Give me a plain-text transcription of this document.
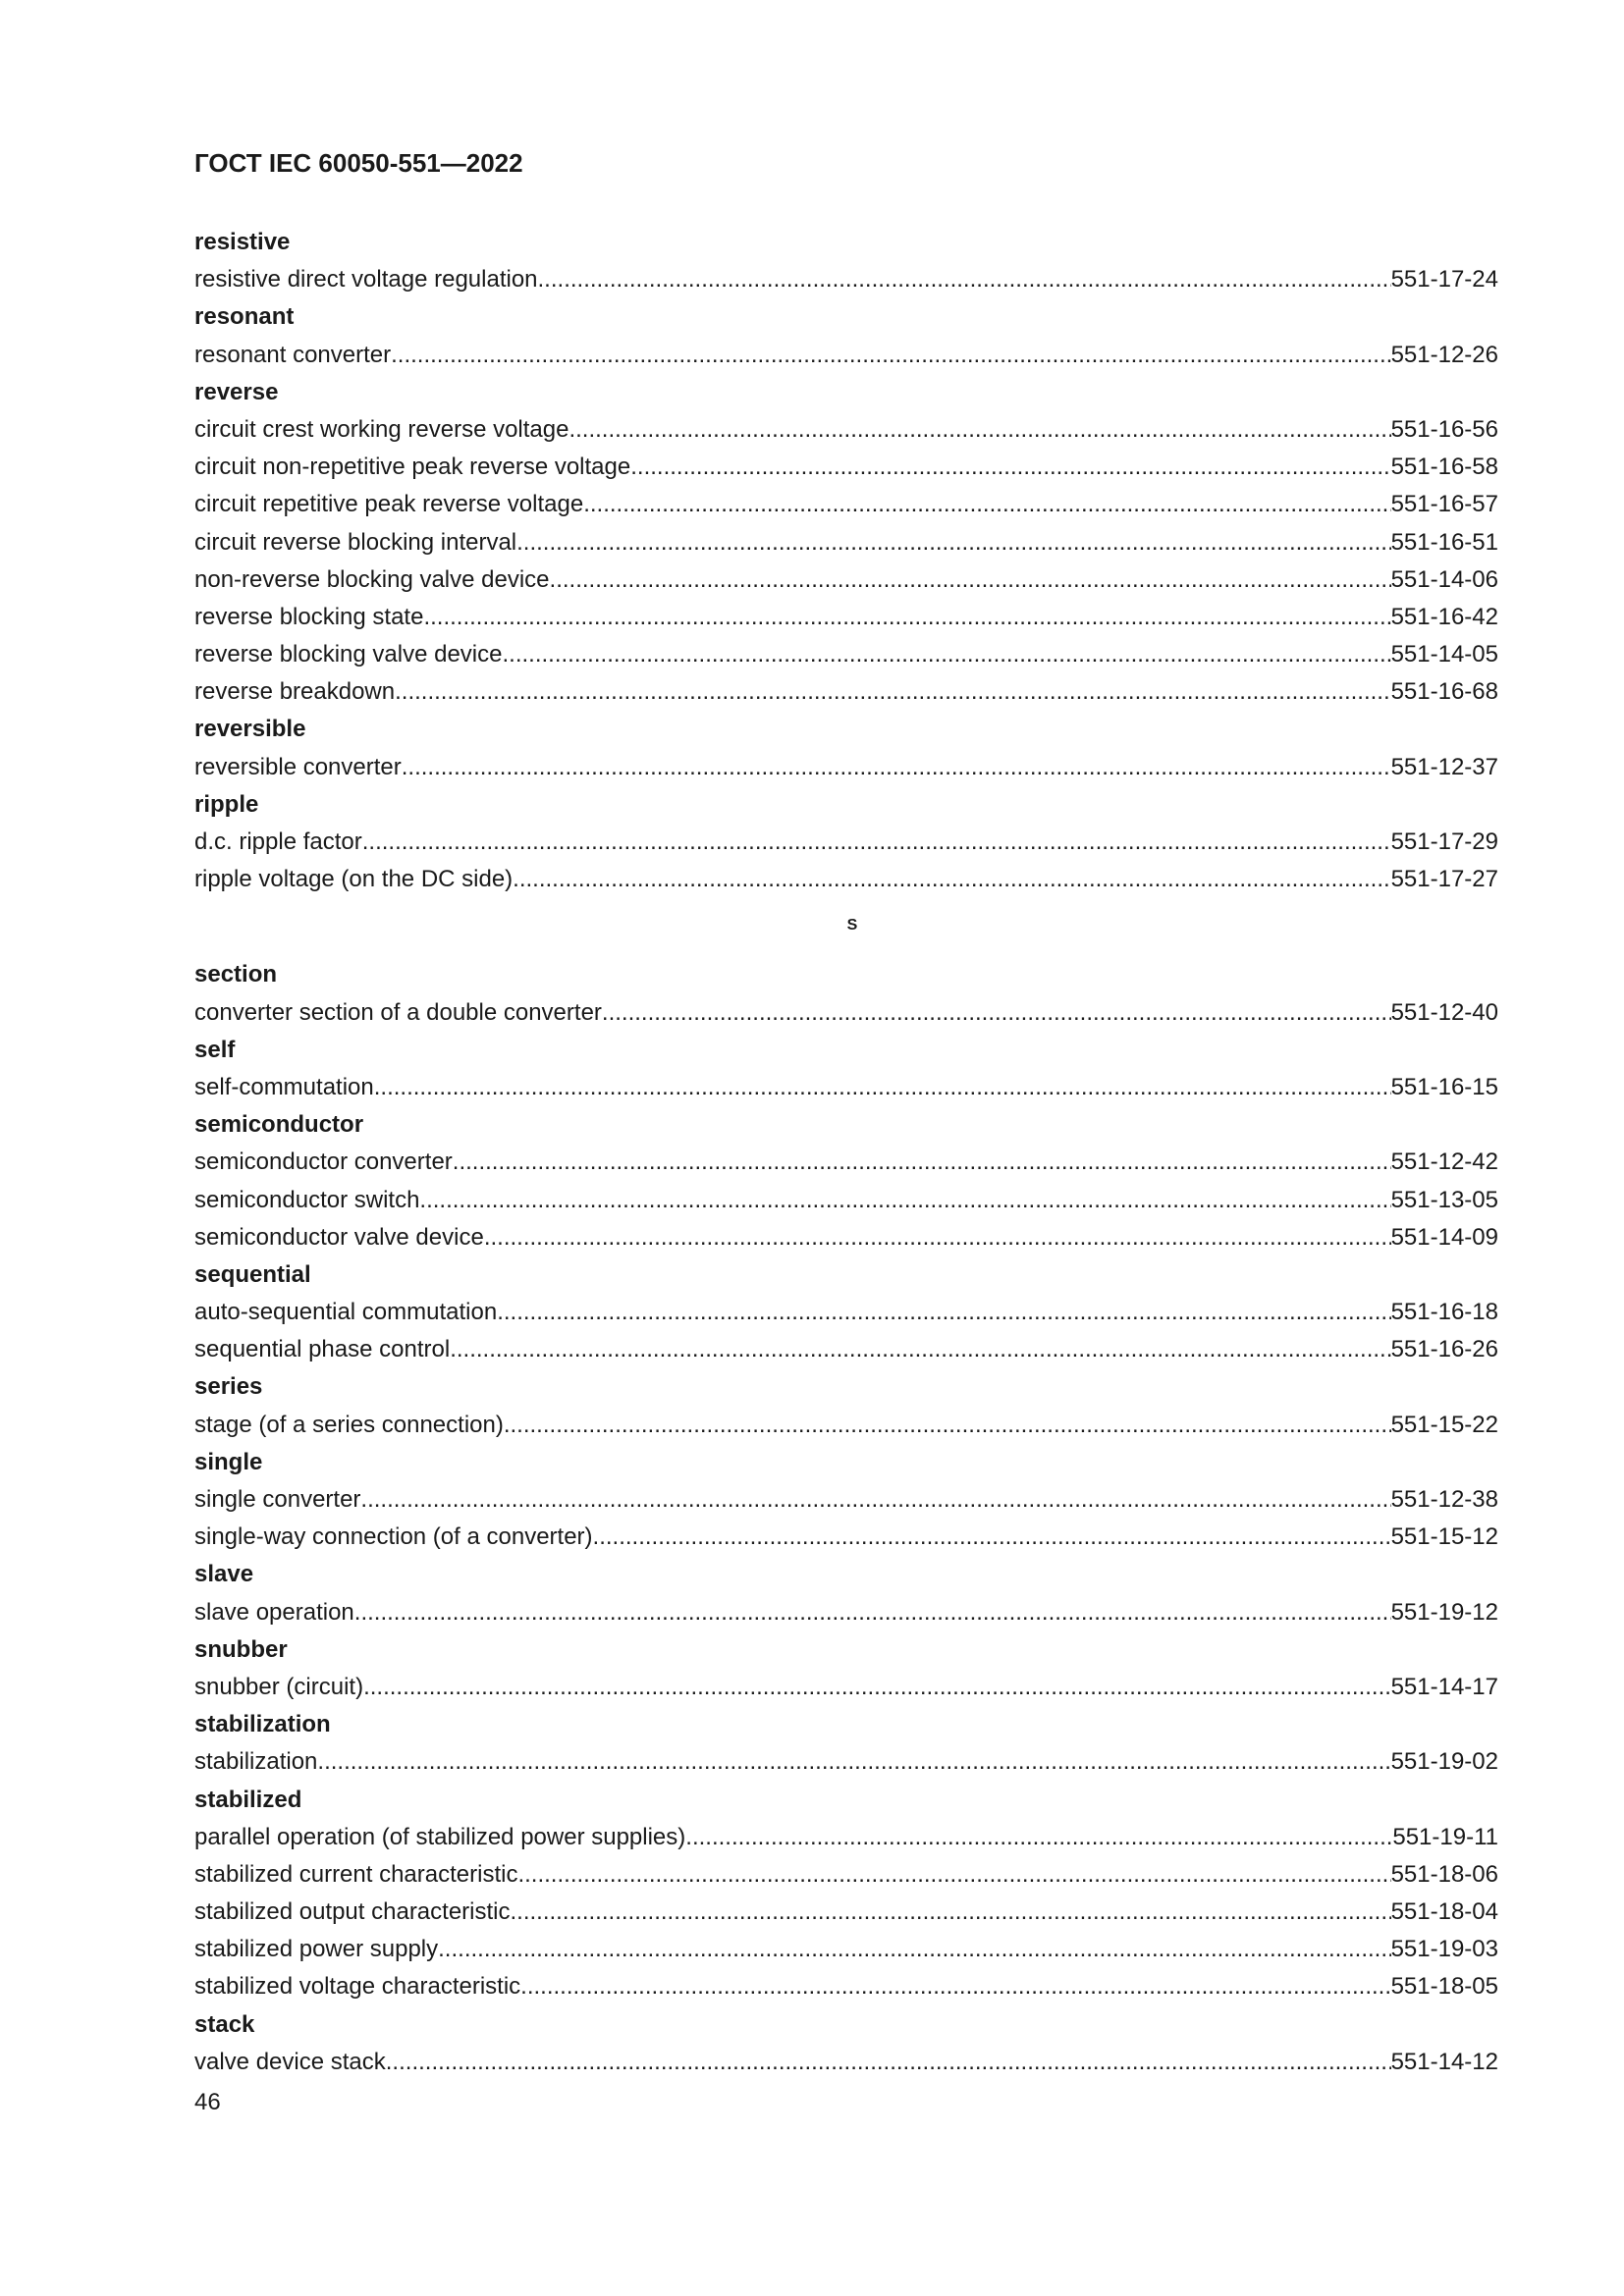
ГОСТ IEC 60050-551—2022
resistive
resistive direct voltage regulation .....	551-17-24
resonant
resonant converter .....	551-12-26
reverse
circuit crest working reverse voltage .....	551-16-56
circuit non-repetitive peak reverse voltage .....	551-16-58
circuit repetitive peak reverse voltage .....	551-16-57
circuit reverse blocking interval .....	551-16-51
non-reverse blocking valve device .....	551-14-06
reverse blocking state .....	551-16-42
reverse blocking valve device .....	551-14-05
reverse breakdown .....	551-16-68
reversible
reversible converter .....	551-12-37
ripple
d.c. ripple factor .....	551-17-29
ripple voltage (on the DC side) .....	551-17-27
S
section
converter section of a double converter .....	551-12-40
self
self-commutation .....	551-16-15
semiconductor
semiconductor converter .....	551-12-42
semiconductor switch .....	551-13-05
semiconductor valve device .....	551-14-09
sequential
auto-sequential commutation .....	551-16-18
sequential phase control .....	551-16-26
series
stage (of a series connection) .....	551-15-22
single
single converter .....	551-12-38
single-way connection (of a converter) .....	551-15-12
slave
slave operation .....	551-19-12
snubber
snubber (circuit) .....	551-14-17
stabilization
stabilization .....	551-19-02
stabilized
parallel operation (of stabilized power supplies) .....	551-19-11
stabilized current characteristic .....	551-18-06
stabilized output characteristic .....	551-18-04
stabilized power supply .....	551-19-03
stabilized voltage characteristic .....	551-18-05
stack
valve device stack .....	551-14-12
46
